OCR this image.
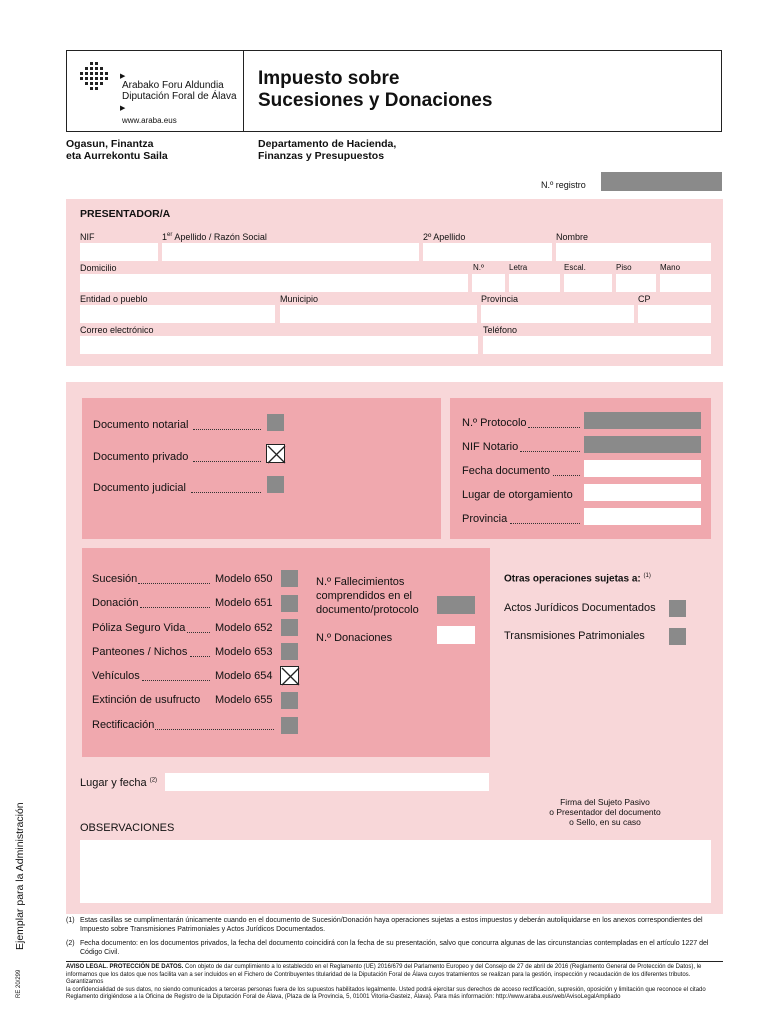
▶
Arabako Foru Aldundia
Diputación Foral de Álava
▶
www.araba.eus
Impuesto sobre
Sucesiones y Donaciones
Ogasun, Finantza
eta Aurrekontu Saila
Departamento de Hacienda,
Finanzas y Presupuestos
N.º registro
PRESENTADOR/A
NIF	1er Apellido / Razón Social	2º Apellido	Nombre
Domicilio	N.º	Letra	Escal.	Piso	Mano
Entidad o pueblo	Municipio	Provincia	CP
Correo electrónico	Teléfono
Documento notarial
Documento privado
Documento judicial
N.º Protocolo
NIF Notario
Fecha documento
Lugar de otorgamiento
Provincia
Sucesión	Modelo 650
Donación	Modelo 651
Póliza Seguro Vida	Modelo 652
Panteones / Nichos	Modelo 653
Vehículos	Modelo 654
Extinción de usufructo Modelo 655
Rectificación
N.º Fallecimientos
comprendidos en el
documento/protocolo
N.º Donaciones
Otras operaciones sujetas a: $^{(1)}$
Actos Jurídicos Documentados
Transmisiones Patrimoniales
Lugar y fecha $^{(2)}$
Firma del Sujeto Pasivo
o Presentador del documento
o Sello, en su caso
OBSERVACIONES
(1) Estas casillas se cumplimentarán únicamente cuando en el documento de Sucesión/Donación haya operaciones sujetas a estos impuestos y deberán autoliquidarse en los anexos correspondientes del
Impuesto sobre Transmisiones Patrimoniales y Actos Jurídicos Documentados.
(2) Fecha documento: en los documentos privados, la fecha del documento coincidirá con la fecha de su presentación, salvo que concurra algunas de las circunstancias contempladas en el artículo 1227 del Código Civil.
AVISO LEGAL. PROTECCIÓN DE DATOS. Con objeto de dar cumplimiento a lo establecido en el Reglamento (UE) 2016/679 del Parlamento Europeo y del Consejo de 27 de abril de 2016 (Reglamento General de Protección de Datos), le
informamos que los datos que nos facilita van a ser incluidos en el Fichero de Contribuyentes titularidad de la Diputación Foral de Álava cuyos tratamientos se realizan para la gestión, inspección y recaudación de los diferentes tributos. Garantizamos
la confidencialidad de sus datos, no siendo comunicados a terceras personas fuera de los supuestos habilitados legalmente. Usted podrá ejercitar sus derechos de acceso rectificación, supresión, oposición y limitación que reconoce el citado
Reglamento dirigiéndose a la Oficina de Registro de la Diputación Foral de Álava, (Plaza de la Provincia, 5, 01001 Vitoria-Gasteiz, Álava). Para más información: http://www.araba.eus/web/AvisoLegalAmpliado
Ejemplar para la Administración
RE 20/299
